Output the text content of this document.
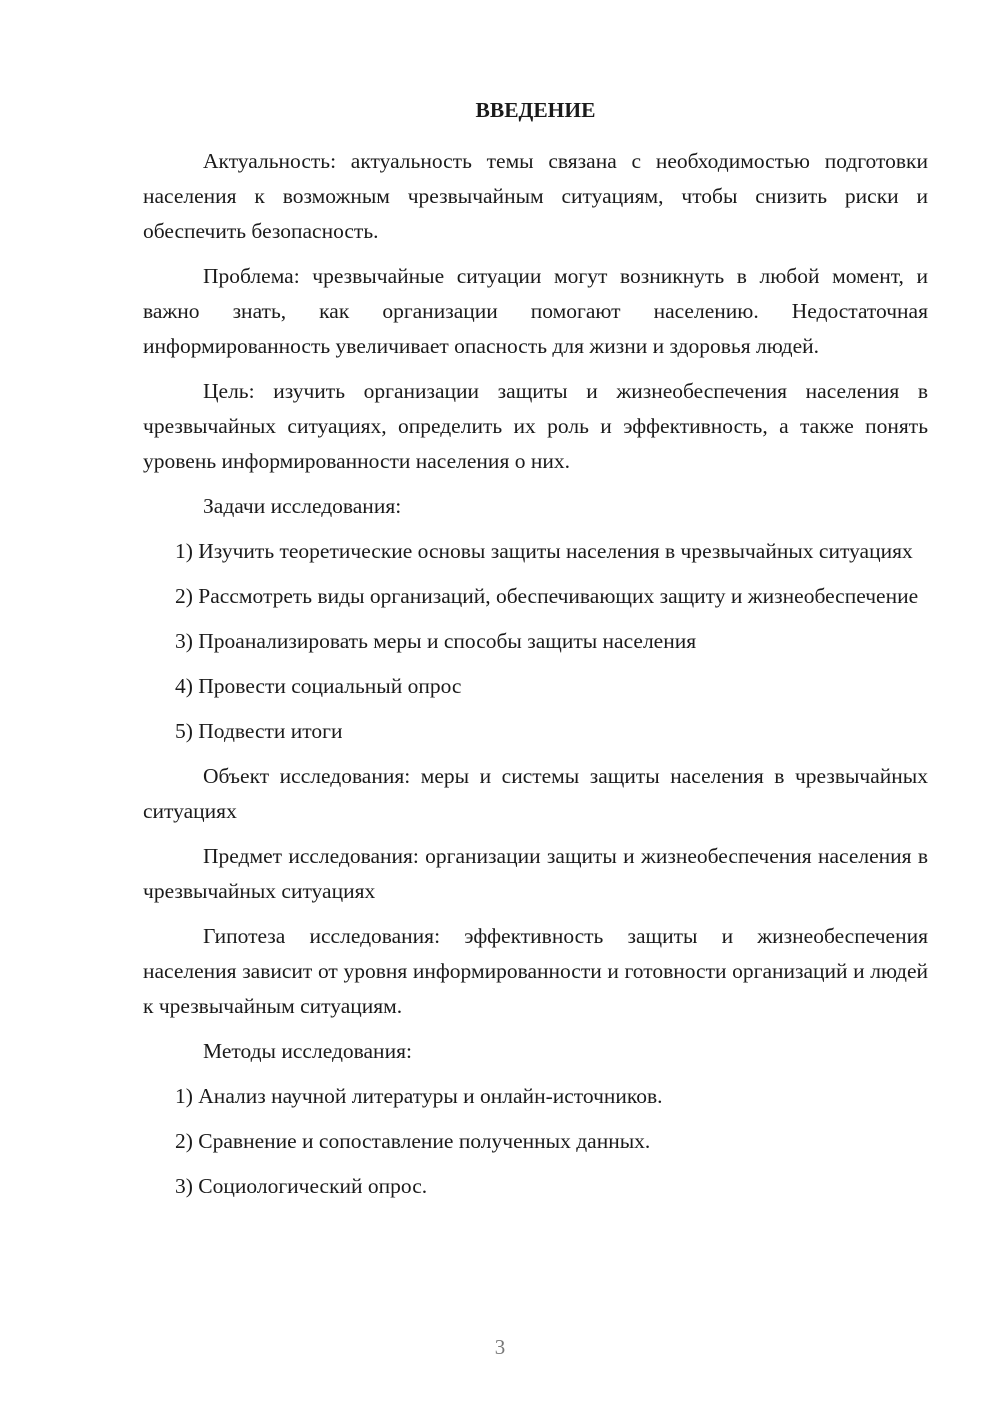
ВВЕДЕНИЕ
Актуальность: актуальность темы связана с необходимостью подготовки населения к возможным чрезвычайным ситуациям, чтобы снизить риски и обеспечить безопасность.
Проблема: чрезвычайные ситуации могут возникнуть в любой момент, и важно знать, как организации помогают населению. Недостаточная информированность увеличивает опасность для жизни и здоровья людей.
Цель: изучить организации защиты и жизнеобеспечения населения в чрезвычайных ситуациях, определить их роль и эффективность, а также понять уровень информированности населения о них.
Задачи исследования:
1) Изучить теоретические основы защиты населения в чрезвычайных ситуациях
2) Рассмотреть виды организаций, обеспечивающих защиту и жизнеобеспечение
3) Проанализировать меры и способы защиты населения
4) Провести социальный опрос
5) Подвести итоги
Объект исследования: меры и системы защиты населения в чрезвычайных ситуациях
Предмет исследования: организации защиты и жизнеобеспечения населения в чрезвычайных ситуациях
Гипотеза исследования: эффективность защиты и жизнеобеспечения населения зависит от уровня информированности и готовности организаций и людей к чрезвычайным ситуациям.
Методы исследования:
1) Анализ научной литературы и онлайн-источников.
2) Сравнение и сопоставление полученных данных.
3) Социологический опрос.
3
